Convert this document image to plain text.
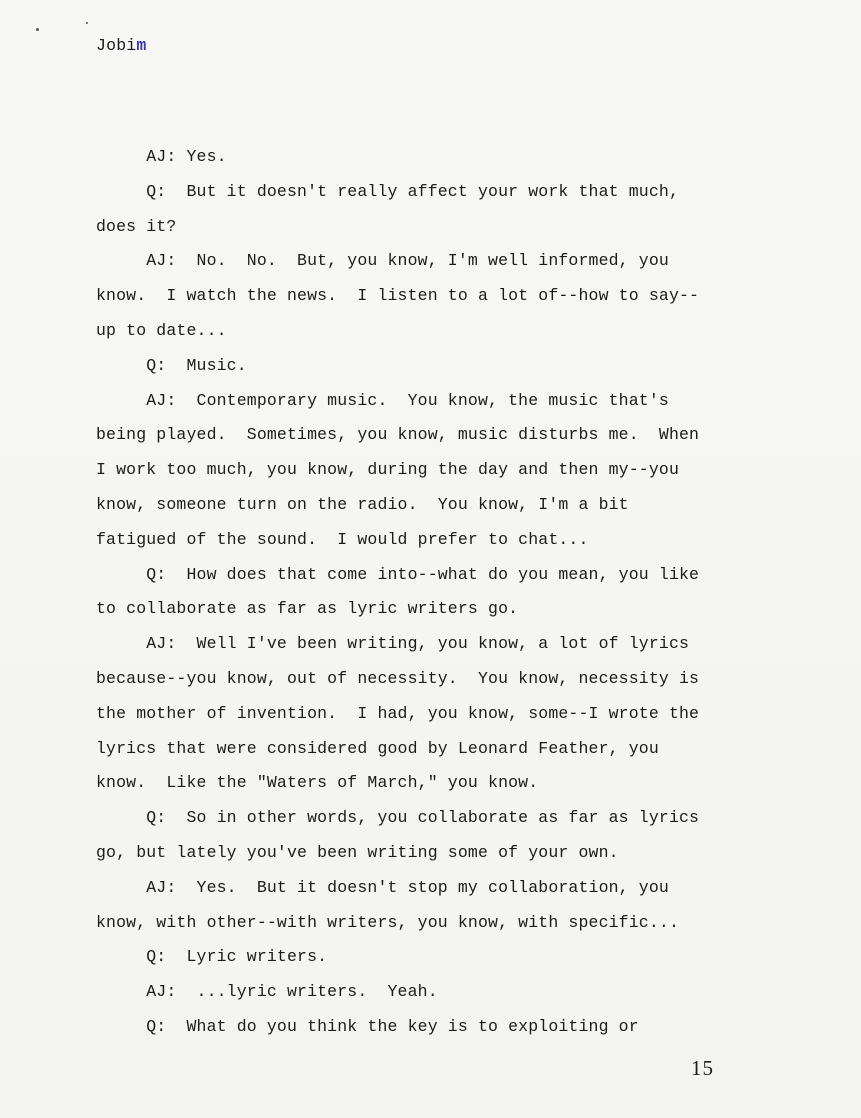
Jobim
AJ: Yes.
Q:  But it doesn't really affect your work that much,
does it?
AJ:  No.  No.  But, you know, I'm well informed, you
know.  I watch the news.  I listen to a lot of--how to say--
up to date...
Q:  Music.
AJ:  Contemporary music.  You know, the music that's
being played.  Sometimes, you know, music disturbs me.  When
I work too much, you know, during the day and then my--you
know, someone turn on the radio.  You know, I'm a bit
fatigued of the sound.  I would prefer to chat...
Q:  How does that come into--what do you mean, you like
to collaborate as far as lyric writers go.
AJ:  Well I've been writing, you know, a lot of lyrics
because--you know, out of necessity.  You know, necessity is
the mother of invention.  I had, you know, some--I wrote the
lyrics that were considered good by Leonard Feather, you
know.  Like the "Waters of March," you know.
Q:  So in other words, you collaborate as far as lyrics
go, but lately you've been writing some of your own.
AJ:  Yes.  But it doesn't stop my collaboration, you
know, with other--with writers, you know, with specific...
Q:  Lyric writers.
AJ:  ...lyric writers.  Yeah.
Q:  What do you think the key is to exploiting or
15
